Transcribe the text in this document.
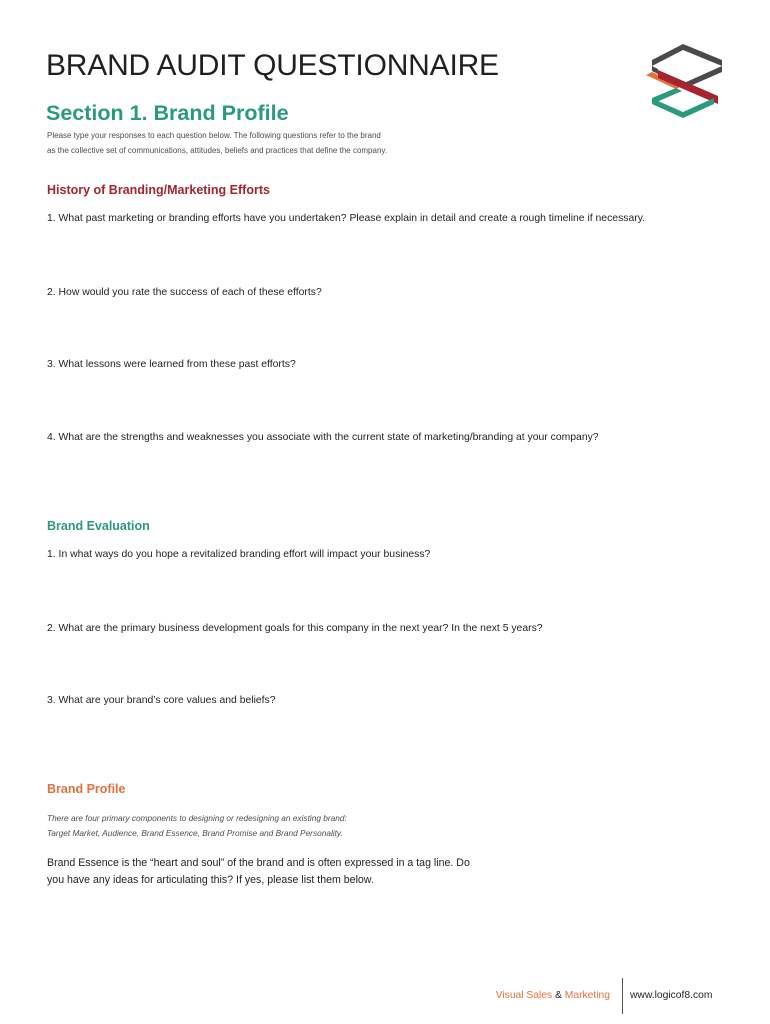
BRAND AUDIT QUESTIONNAIRE
Section 1. Brand Profile
Please type your responses to each question below. The following questions refer to the brand
as the collective set of communications, attitudes, beliefs and practices that define the company.
History of Branding/Marketing Efforts
1. What past marketing or branding efforts have you undertaken? Please explain in detail and create a rough timeline if necessary.
2. How would you rate the success of each of these efforts?
3. What lessons were learned from these past efforts?
4. What are the strengths and weaknesses you associate with the current state of marketing/branding at your company?
Brand Evaluation
1. In what ways do you hope a revitalized branding effort will impact your business?
2. What are the primary business development goals for this company in the next year? In the next 5 years?
3. What are your brand’s core values and beliefs?
Brand Profile
There are four primary components to designing or redesigning an existing brand:
Target Market, Audience, Brand Essence, Brand Promise and Brand Personality.
Brand Essence is the “heart and soul” of the brand and is often expressed in a tag line. Do
you have any ideas for articulating this? If yes, please list them below.
Visual Sales & Marketing www.logicof8.com
